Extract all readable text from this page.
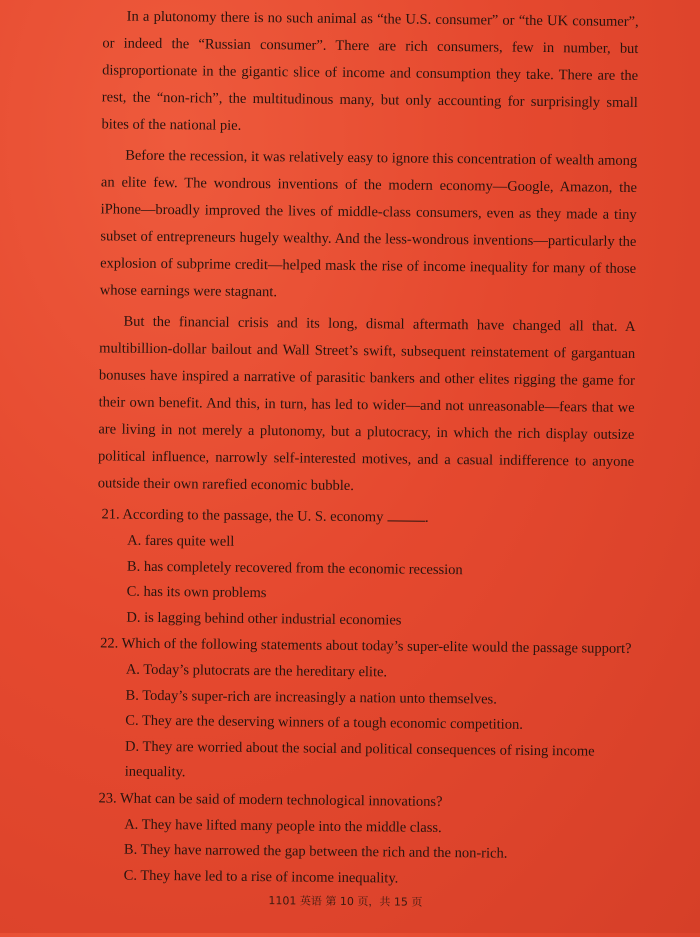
In a plutonomy there is no such animal as “the U.S. consumer” or “the UK consumer”, or indeed the “Russian consumer”. There are rich consumers, few in number, but disproportionate in the gigantic slice of income and consumption they take. There are the rest, the “non-rich”, the multitudinous many, but only accounting for surprisingly small bites of the national pie.

Before the recession, it was relatively easy to ignore this concentration of wealth among an elite few. The wondrous inventions of the modern economy—Google, Amazon, the iPhone—broadly improved the lives of middle-class consumers, even as they made a tiny subset of entrepreneurs hugely wealthy. And the less-wondrous inventions—particularly the explosion of subprime credit—helped mask the rise of income inequality for many of those whose earnings were stagnant.

But the financial crisis and its long, dismal aftermath have changed all that. A multibillion-dollar bailout and Wall Street’s swift, subsequent reinstatement of gargantuan bonuses have inspired a narrative of parasitic bankers and other elites rigging the game for their own benefit. And this, in turn, has led to wider—and not unreasonable—fears that we are living in not merely a plutonomy, but a plutocracy, in which the rich display outsize political influence, narrowly self-interested motives, and a casual indifference to anyone outside their own rarefied economic bubble.

21. According to the passage, the U. S. economy	.

A. fares quite well
B. has completely recovered from the economic recession
C. has its own problems
D. is lagging behind other industrial economies

22. Which of the following statements about today’s super-elite would the passage support?

A. Today’s plutocrats are the hereditary elite.
B. Today’s super-rich are increasingly a nation unto themselves.
C. They are the deserving winners of a tough economic competition.
D. They are worried about the social and political consequences of rising income inequality.

23. What can be said of modern technological innovations?

A. They have lifted many people into the middle class.
B. They have narrowed the gap between the rich and the non-rich.
C. They have led to a rise of income inequality.
1101 英语 第 10 页，共 15 页
